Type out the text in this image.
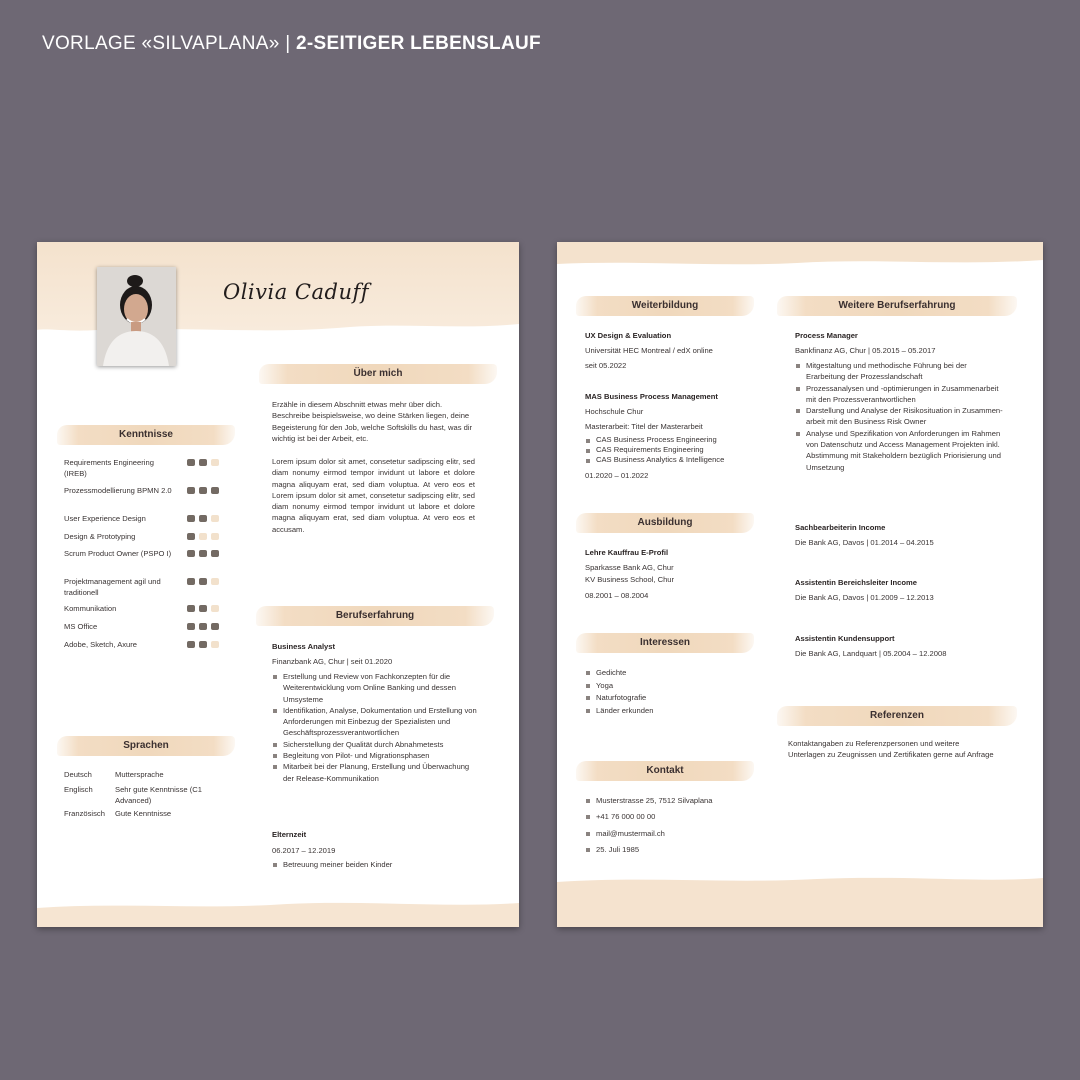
VORLAGE «SILVAPLANA» | 2-SEITIGER LEBENSLAUF
Olivia Caduff
Über mich
Erzähle in diesem Abschnitt etwas mehr über dich. Beschreibe beispielsweise, wo deine Stärken liegen, deine Begeisterung für den Job, welche Softskills du hast, was dir wichtig ist bei der Arbeit, etc.
Lorem ipsum dolor sit amet, consetetur sadipscing elitr, sed diam nonumy eirmod tempor invidunt ut labore et dolore magna aliquyam erat, sed diam voluptua. At vero eos et Lorem ipsum dolor sit amet, consetetur sadipscing elitr, sed diam nonumy eirmod tempor invidunt ut labore et dolore magna aliquyam erat, sed diam voluptua. At vero eos et accusam.
Kenntnisse
Requirements Engineering (IREB)
Prozessmodellierung BPMN 2.0
User Experience Design
Design & Prototyping
Scrum Product Owner (PSPO I)
Projektmanagement agil und traditionell
Kommunikation
MS Office
Adobe, Sketch, Axure
Sprachen
Deutsch	Muttersprache
Englisch	Sehr gute Kenntnisse (C1 Advanced)
Französisch	Gute Kenntnisse
Berufserfahrung
Business Analyst
Finanzbank AG, Chur | seit 01.2020
Erstellung und Review von Fachkonzepten für die Weiterentwicklung vom Online Banking und dessen Umsysteme
Identifikation, Analyse, Dokumentation und Erstellung von Anforderungen mit Einbezug der Spezialisten und Geschäftsprozessverantwortlichen
Sicherstellung der Qualität durch Abnahmetests
Begleitung von Pilot- und Migrationsphasen
Mitarbeit bei der Planung, Erstellung und Überwachung der Release-Kommunikation
Elternzeit
06.2017 – 12.2019
Betreuung meiner beiden Kinder
Weiterbildung
UX Design & Evaluation
Universität HEC Montreal / edX online
seit 05.2022
MAS Business Process Management
Hochschule Chur
Masterarbeit: Titel der Masterarbeit
CAS Business Process Engineering
CAS Requirements Engineering
CAS Business Analytics & Intelligence
01.2020 – 01.2022
Ausbildung
Lehre Kauffrau E-Profil
Sparkasse Bank AG, Chur
KV Business School, Chur
08.2001 – 08.2004
Interessen
Gedichte
Yoga
Naturfotografie
Länder erkunden
Kontakt
Musterstrasse 25, 7512 Silvaplana
+41 76 000 00 00
mail@mustermail.ch
25. Juli 1985
Weitere Berufserfahrung
Process Manager
Bankfinanz AG, Chur | 05.2015 – 05.2017
Mitgestaltung und methodische Führung bei der Erarbeitung der Prozesslandschaft
Prozessanalysen und -optimierungen in Zusammenarbeit mit den Prozessverantwortlichen
Darstellung und Analyse der Risikosituation in Zusammen-arbeit mit den Business Risk Owner
Analyse und Spezifikation von Anforderungen im Rahmen von Datenschutz und Access Management Projekten inkl. Abstimmung mit Stakeholdern bezüglich Priorisierung und Umsetzung
Sachbearbeiterin Income
Die Bank AG, Davos | 01.2014 – 04.2015
Assistentin Bereichsleiter Income
Die Bank AG, Davos | 01.2009 – 12.2013
Assistentin Kundensupport
Die Bank AG, Landquart | 05.2004 – 12.2008
Referenzen
Kontaktangaben zu Referenzpersonen und weitere Unterlagen zu Zeugnissen und Zertifikaten gerne auf Anfrage
